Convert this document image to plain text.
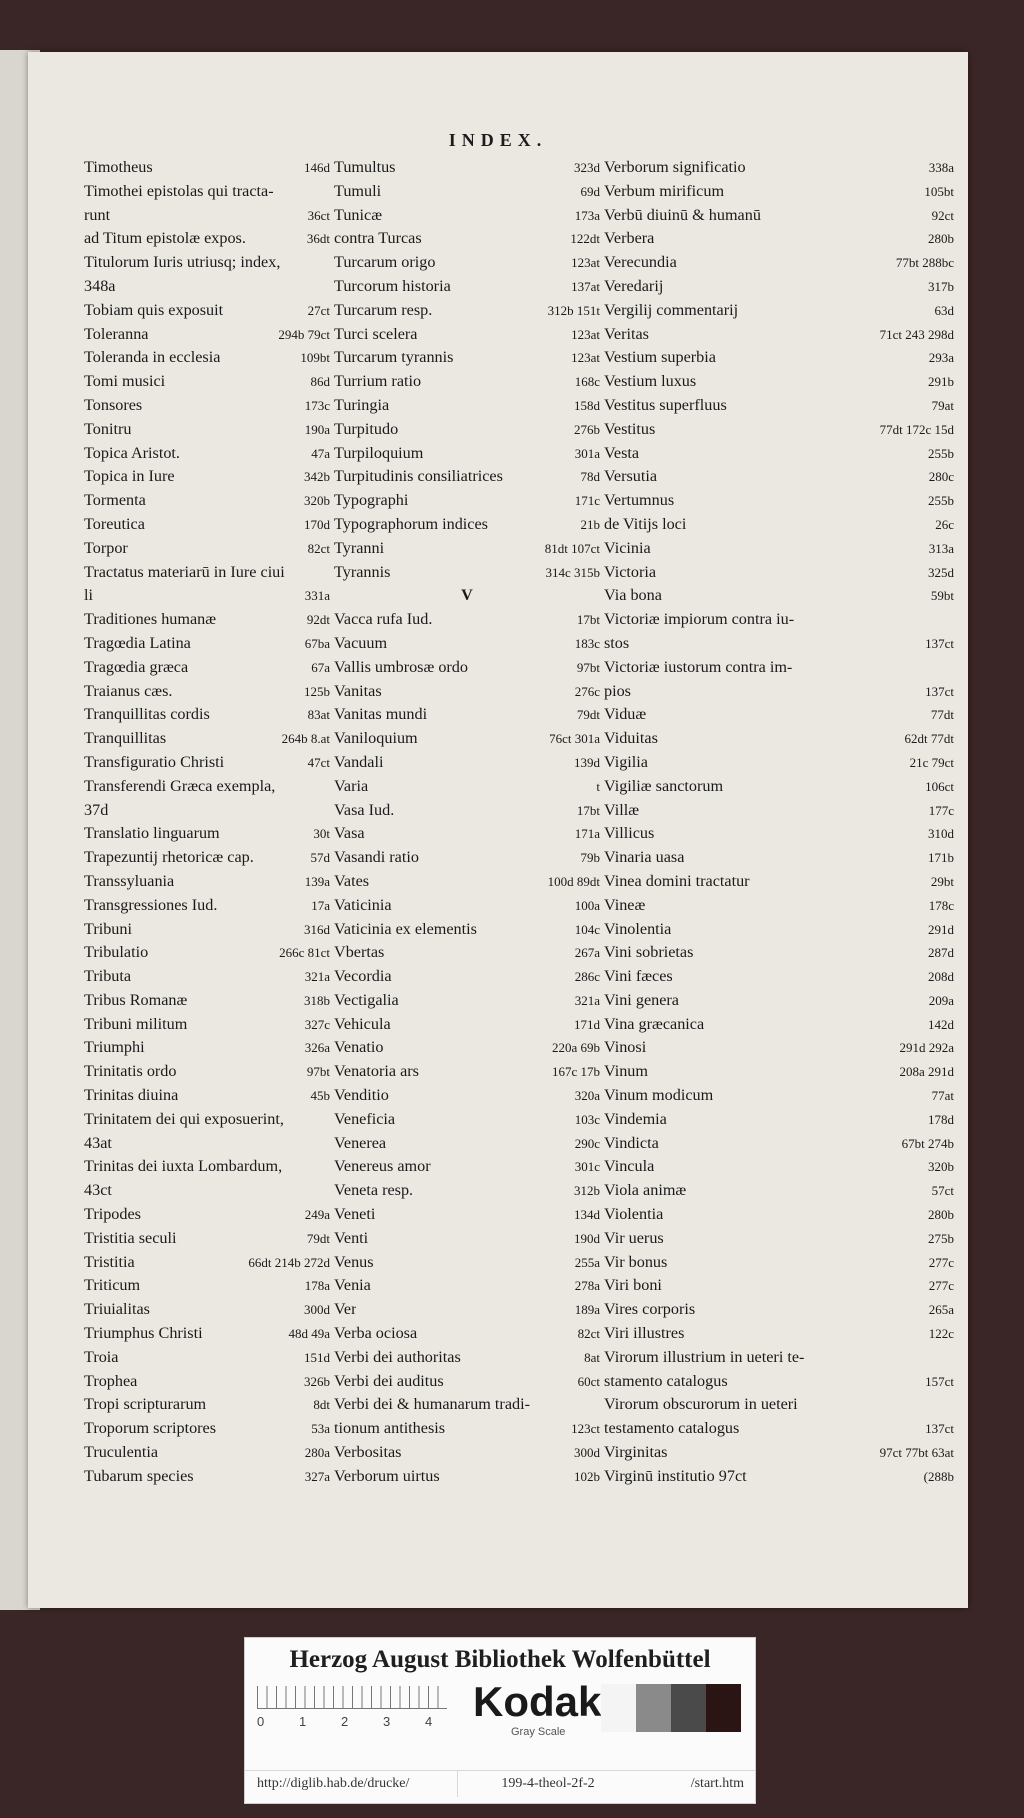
INDEX.
Timotheus	146d
Timothei epistolas qui tracta-
runt	36ct
ad Titum epistolæ expos.	36dt
Titulorum Iuris utriusq; index,
348a
Tobiam quis exposuit	27ct
Toleranna	294b 79ct
Toleranda in ecclesia	109bt
Tomi musici	86d
Tonsores	173c
Tonitru	190a
Topica Aristot.	47a
Topica in Iure	342b
Tormenta	320b
Toreutica	170d
Torpor	82ct
Tractatus materiarū in Iure ciui
li	331a
Traditiones humanæ	92dt
Tragœdia Latina	67ba
Tragœdia græca	67a
Traianus cæs.	125b
Tranquillitas cordis	83at
Tranquillitas	264b 8.at
Transfiguratio Christi	47ct
Transferendi Græca exempla,
37d
Translatio linguarum	30t
Trapezuntij rhetoricæ cap.	57d
Transsyluania	139a
Transgressiones Iud.	17a
Tribuni	316d
Tribulatio	266c 81ct
Tributa	321a
Tribus Romanæ	318b
Tribuni militum	327c
Triumphi	326a
Trinitatis ordo	97bt
Trinitas diuina	45b
Trinitatem dei qui exposuerint,
43at
Trinitas dei iuxta Lombardum,
43ct
Tripodes	249a
Tristitia seculi	79dt
Tristitia	66dt 214b 272d
Triticum	178a
Triuialitas	300d
Triumphus Christi	48d 49a
Troia	151d
Trophea	326b
Tropi scripturarum	8dt
Troporum scriptores	53a
Truculentia	280a
Tubarum species	327a
Tumultus	323d
Tumuli	69d
Tunicæ	173a
contra Turcas	122dt
Turcarum origo	123at
Turcorum historia	137at
Turcarum resp.	312b 151t
Turci scelera	123at
Turcarum tyrannis	123at
Turrium ratio	168c
Turingia	158d
Turpitudo	276b
Turpiloquium	301a
Turpitudinis consiliatrices	78d
Typographi	171c
Typographorum indices	21b
Tyranni	81dt 107ct
Tyrannis	314c 315b
V
Vacca rufa Iud.	17bt
Vacuum	183c
Vallis umbrosæ ordo	97bt
Vanitas	276c
Vanitas mundi	79dt
Vaniloquium	76ct 301a
Vandali	139d
Varia	t
Vasa Iud.	17bt
Vasa	171a
Vasandi ratio	79b
Vates	100d 89dt
Vaticinia	100a
Vaticinia ex elementis	104c
Vbertas	267a
Vecordia	286c
Vectigalia	321a
Vehicula	171d
Venatio	220a 69b
Venatoria ars	167c 17b
Venditio	320a
Veneficia	103c
Venerea	290c
Venereus amor	301c
Veneta resp.	312b
Veneti	134d
Venti	190d
Venus	255a
Venia	278a
Ver	189a
Verba ociosa	82ct
Verbi dei authoritas	8at
Verbi dei auditus	60ct
Verbi dei & humanarum tradi-
tionum antithesis	123ct
Verbositas	300d
Verborum uirtus	102b
Verborum significatio	338a
Verbum mirificum	105bt
Verbū diuinū & humanū	92ct
Verbera	280b
Verecundia	77bt 288bc
Veredarij	317b
Vergilij commentarij	63d
Veritas	71ct 243 298d
Vestium superbia	293a
Vestium luxus	291b
Vestitus superfluus	79at
Vestitus	77dt 172c 15d
Vesta	255b
Versutia	280c
Vertumnus	255b
de Vitijs loci	26c
Vicinia	313a
Victoria	325d
Via bona	59bt
Victoriæ impiorum contra iu-
stos	137ct
Victoriæ iustorum contra im-
pios	137ct
Viduæ	77dt
Viduitas	62dt 77dt
Vigilia	21c 79ct
Vigiliæ sanctorum	106ct
Villæ	177c
Villicus	310d
Vinaria uasa	171b
Vinea domini tractatur	29bt
Vineæ	178c
Vinolentia	291d
Vini sobrietas	287d
Vini fæces	208d
Vini genera	209a
Vina græcanica	142d
Vinosi	291d 292a
Vinum	208a 291d
Vinum modicum	77at
Vindemia	178d
Vindicta	67bt 274b
Vincula	320b
Viola animæ	57ct
Violentia	280b
Vir uerus	275b
Vir bonus	277c
Viri boni	277c
Vires corporis	265a
Viri illustres	122c
Virorum illustrium in ueteri te-
stamento catalogus	157ct
Virorum obscurorum in ueteri
testamento catalogus	137ct
Virginitas	97ct 77bt 63at
Virginū institutio 97ct	(288b
Herzog August Bibliothek Wolfenbüttel
0	1	2	3	4 Kodak
Gray Scale
http://diglib.hab.de/drucke/	199-4-theol-2f-2	/start.htm
